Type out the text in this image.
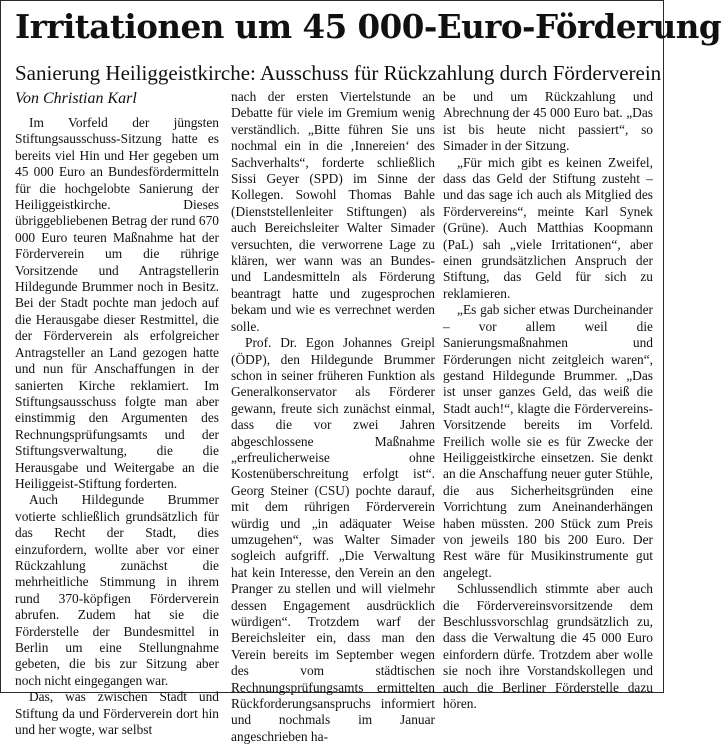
Irritationen um 45 000-Euro-Förderung
Sanierung Heiliggeistkirche: Ausschuss für Rückzahlung durch Förderverein
Von Christian Karl

Im Vorfeld der jüngsten Stiftungsausschuss-Sitzung hatte es bereits viel Hin und Her gegeben um 45 000 Euro an Bundesfördermitteln für die hochgelobte Sanierung der Heiliggeistkirche. Dieses übriggebliebenen Betrag der rund 670 000 Euro teuren Maßnahme hat der Förderverein um die rührige Vorsitzende und Antragstellerin Hildegunde Brummer noch in Besitz. Bei der Stadt pochte man jedoch auf die Herausgabe dieser Restmittel, die der Förderverein als erfolgreicher Antragsteller an Land gezogen hatte und nun für Anschaffungen in der sanierten Kirche reklamiert. Im Stiftungsausschuss folgte man aber einstimmig den Argumenten des Rechnungsprüfungsamts und der Stiftungsverwaltung, die die Herausgabe und Weitergabe an die Heiliggeist-Stiftung forderten.

Auch Hildegunde Brummer votierte schließlich grundsätzlich für das Recht der Stadt, dies einzufordern, wollte aber vor einer Rückzahlung zunächst die mehrheitliche Stimmung in ihrem rund 370-köpfigen Förderverein abrufen. Zudem hat sie die Förderstelle der Bundesmittel in Berlin um eine Stellungnahme gebeten, die bis zur Sitzung aber noch nicht eingegangen war.

Das, was zwischen Stadt und Stiftung da und Förderverein dort hin und her wogte, war selbst

nach der ersten Viertelstunde an Debatte für viele im Gremium wenig verständlich. „Bitte führen Sie uns nochmal ein in die ‚Innereien‘ des Sachverhalts“, forderte schließlich Sissi Geyer (SPD) im Sinne der Kollegen. Sowohl Thomas Bahle (Dienststellenleiter Stiftungen) als auch Bereichsleiter Walter Simader versuchten, die verworrene Lage zu klären, wer wann was an Bundes- und Landesmitteln als Förderung beantragt hatte und zugesprochen bekam und wie es verrechnet werden solle.

Prof. Dr. Egon Johannes Greipl (ÖDP), den Hildegunde Brummer schon in seiner früheren Funktion als Generalkonservator als Förderer gewann, freute sich zunächst einmal, dass die vor zwei Jahren abgeschlossene Maßnahme „erfreulicherweise ohne Kostenüberschreitung erfolgt ist“. Georg Steiner (CSU) pochte darauf, mit dem rührigen Förderverein würdig und „in adäquater Weise umzugehen“, was Walter Simader sogleich aufgriff. „Die Verwaltung hat kein Interesse, den Verein an den Pranger zu stellen und will vielmehr dessen Engagement ausdrücklich würdigen“. Trotzdem warf der Bereichsleiter ein, dass man den Verein bereits im September wegen des vom städtischen Rechnungsprüfungsamts ermittelten Rückforderungsanspruchs informiert und nochmals im Januar angeschrieben ha-

be und um Rückzahlung und Abrechnung der 45 000 Euro bat. „Das ist bis heute nicht passiert“, so Simader in der Sitzung.

„Für mich gibt es keinen Zweifel, dass das Geld der Stiftung zusteht – und das sage ich auch als Mitglied des Fördervereins“, meinte Karl Synek (Grüne). Auch Matthias Koopmann (PaL) sah „viele Irritationen“, aber einen grundsätzlichen Anspruch der Stiftung, das Geld für sich zu reklamieren.

„Es gab sicher etwas Durcheinander – vor allem weil die Sanierungsmaßnahmen und Förderungen nicht zeitgleich waren“, gestand Hildegunde Brummer. „Das ist unser ganzes Geld, das weiß die Stadt auch!“, klagte die Fördervereins-Vorsitzende bereits im Vorfeld. Freilich wolle sie es für Zwecke der Heiliggeistkirche einsetzen. Sie denkt an die Anschaffung neuer guter Stühle, die aus Sicherheitsgründen eine Vorrichtung zum Aneinanderhängen haben müssten. 200 Stück zum Preis von jeweils 180 bis 200 Euro. Der Rest wäre für Musikinstrumente gut angelegt.

Schlussendlich stimmte aber auch die Fördervereinsvorsitzende dem Beschlussvorschlag grundsätzlich zu, dass die Verwaltung die 45 000 Euro einfordern dürfe. Trotzdem aber wolle sie noch ihre Vorstandskollegen und auch die Berliner Förderstelle dazu hören.
